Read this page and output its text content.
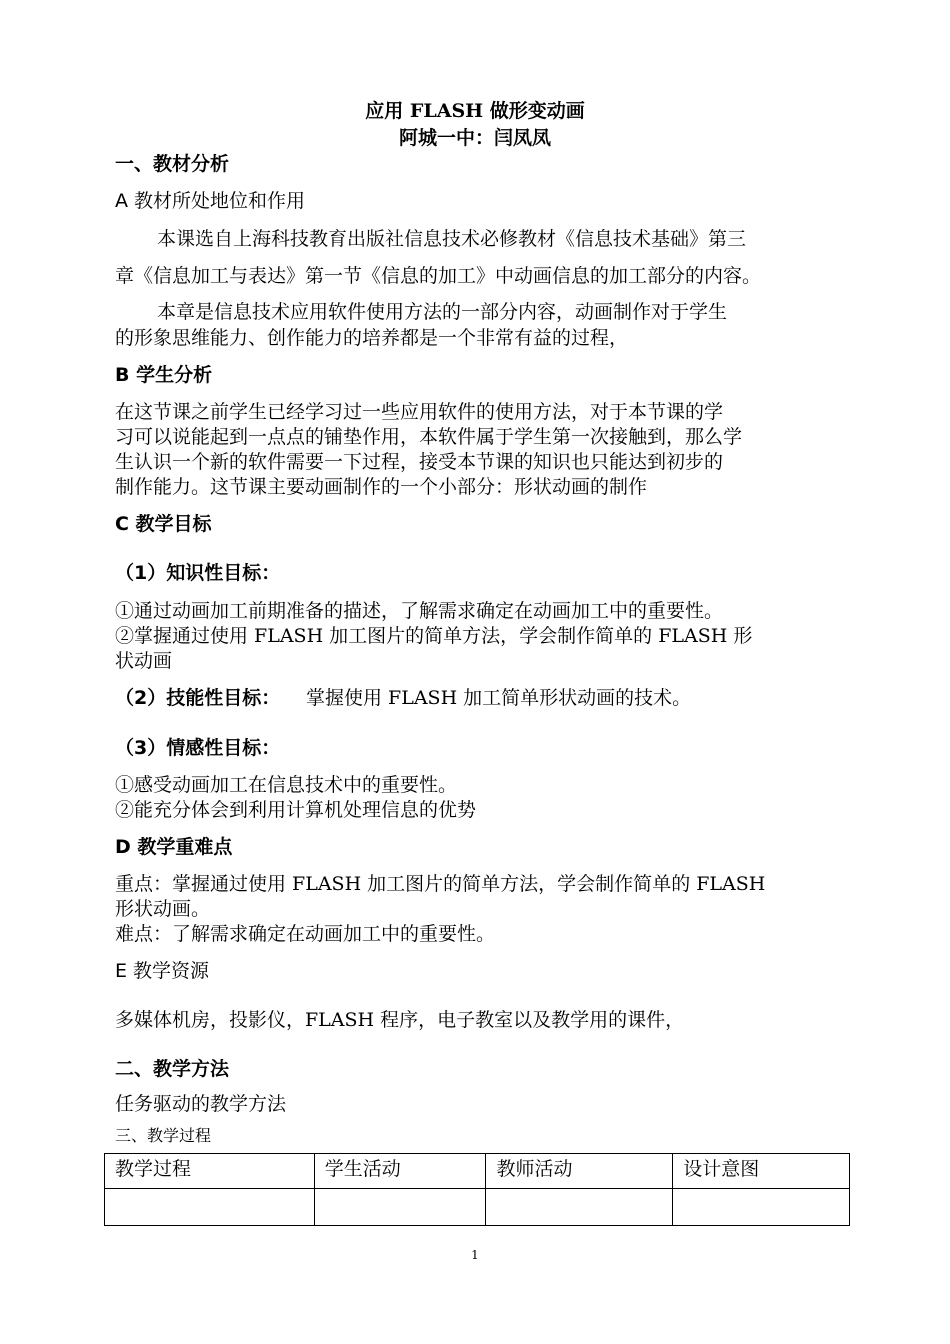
应用 FLASH 做形变动画
阿城一中：闫凤凤
一、教材分析
A 教材所处地位和作用
本课选自上海科技教育出版社信息技术必修教材《信息技术基础》第三
章《信息加工与表达》第一节《信息的加工》中动画信息的加工部分的内容。
本章是信息技术应用软件使用方法的一部分内容，动画制作对于学生
的形象思维能力、创作能力的培养都是一个非常有益的过程，
B 学生分析
在这节课之前学生已经学习过一些应用软件的使用方法，对于本节课的学
习可以说能起到一点点的铺垫作用，本软件属于学生第一次接触到，那么学
生认识一个新的软件需要一下过程，接受本节课的知识也只能达到初步的
制作能力。这节课主要动画制作的一个小部分：形状动画的制作
C 教学目标
（1）知识性目标：
①通过动画加工前期准备的描述，了解需求确定在动画加工中的重要性。
②掌握通过使用 FLASH 加工图片的简单方法，学会制作简单的 FLASH 形
状动画
（2）技能性目标： 掌握使用 FLASH 加工简单形状动画的技术。
（3）情感性目标：
①感受动画加工在信息技术中的重要性。
②能充分体会到利用计算机处理信息的优势
D 教学重难点
重点：掌握通过使用 FLASH 加工图片的简单方法，学会制作简单的 FLASH
形状动画。
难点：了解需求确定在动画加工中的重要性。
E 教学资源
多媒体机房，投影仪，FLASH 程序，电子教室以及教学用的课件，
二、教学方法
任务驱动的教学方法
三、教学过程
教学过程	学生活动	教师活动	设计意图

1
